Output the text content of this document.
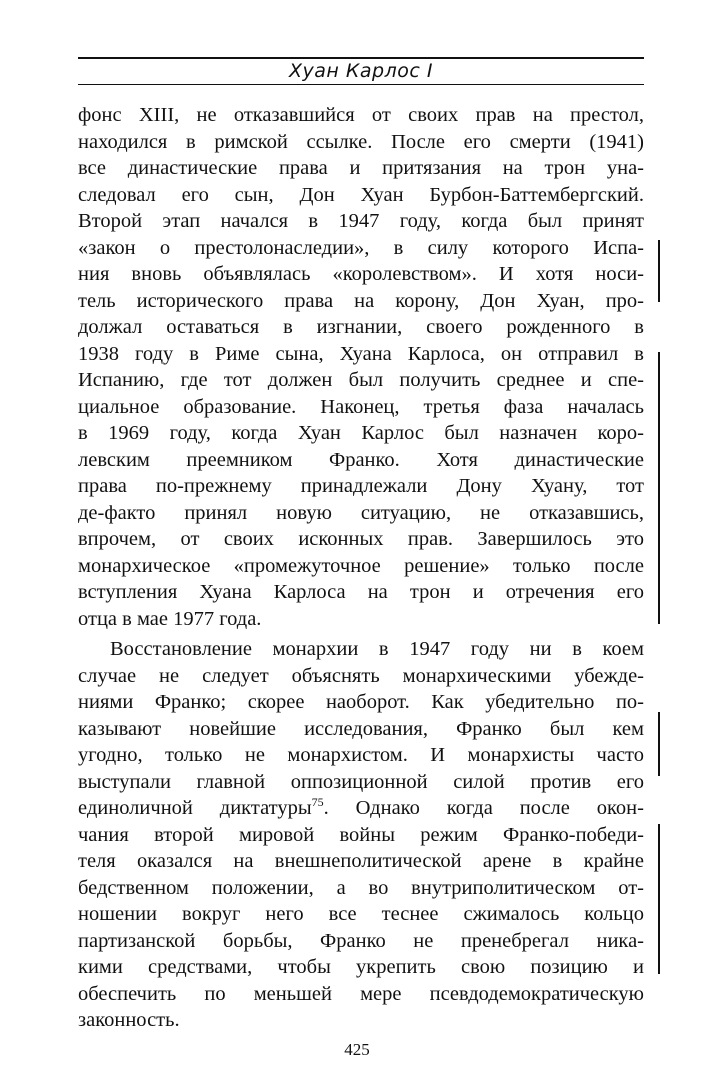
Хуан Карлос I
фонс XIII, не отказавшийся от своих прав на престол,
находился в римской ссылке. После его смерти (1941)
все династические права и притязания на трон уна-
следовал его сын, Дон Хуан Бурбон-Баттембергский.
Второй этап начался в 1947 году, когда был принят
«закон о престолонаследии», в силу которого Испа-
ния вновь объявлялась «королевством». И хотя носи-
тель исторического права на корону, Дон Хуан, про-
должал оставаться в изгнании, своего рожденного в
1938 году в Риме сына, Хуана Карлоса, он отправил в
Испанию, где тот должен был получить среднее и спе-
циальное образование. Наконец, третья фаза началась
в 1969 году, когда Хуан Карлос был назначен коро-
левским преемником Франко. Хотя династические
права по-прежнему принадлежали Дону Хуану, тот
де-факто принял новую ситуацию, не отказавшись,
впрочем, от своих исконных прав. Завершилось это
монархическое «промежуточное решение» только после
вступления Хуана Карлоса на трон и отречения его
отца в мае 1977 года.
Восстановление монархии в 1947 году ни в коем
случае не следует объяснять монархическими убежде-
ниями Франко; скорее наоборот. Как убедительно по-
казывают новейшие исследования, Франко был кем
угодно, только не монархистом. И монархисты часто
выступали главной оппозиционной силой против его
единоличной диктатуры$^{75}$. Однако когда после окон-
чания второй мировой войны режим Франко-победи-
теля оказался на внешнеполитической арене в крайне
бедственном положении, а во внутриполитическом от-
ношении вокруг него все теснее сжималось кольцо
партизанской борьбы, Франко не пренебрегал ника-
кими средствами, чтобы укрепить свою позицию и
обеспечить по меньшей мере псевдодемократическую
законность.
425
